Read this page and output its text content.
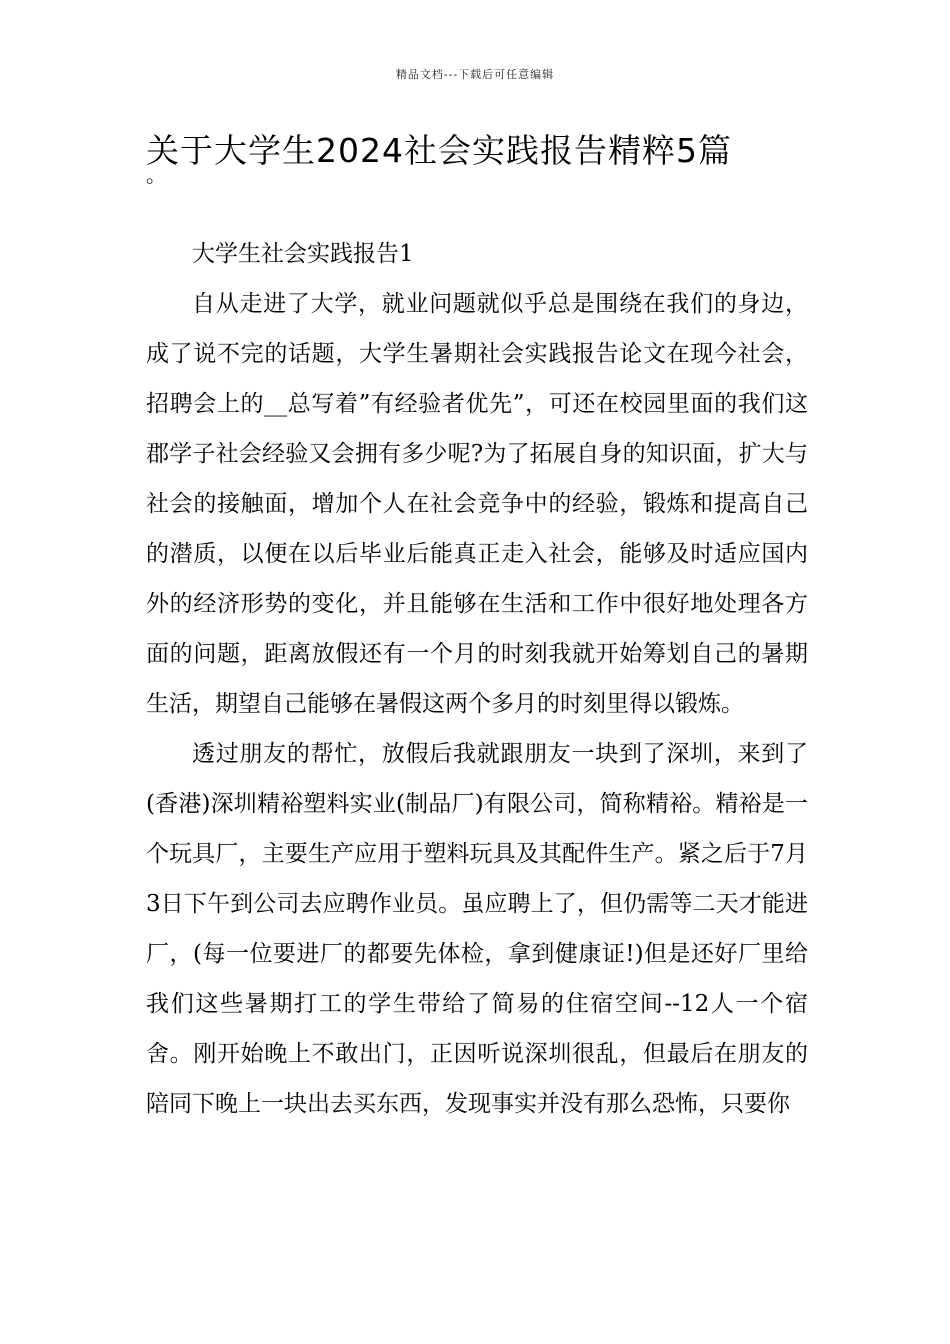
精品文档---下载后可任意编辑
关于大学生2024社会实践报告精粹5篇
。

大学生社会实践报告1

自从走进了大学，就业问题就似乎总是围绕在我们的身边，成了说不完的话题，大学生暑期社会实践报告论文在现今社会，招聘会上的__总写着”有经验者优先”，可还在校园里面的我们这郡学子社会经验又会拥有多少呢?为了拓展自身的知识面，扩大与社会的接触面，增加个人在社会竞争中的经验，锻炼和提高自己的潜质，以便在以后毕业后能真正走入社会，能够及时适应国内外的经济形势的变化，并且能够在生活和工作中很好地处理各方面的问题，距离放假还有一个月的时刻我就开始筹划自己的暑期生活，期望自己能够在暑假这两个多月的时刻里得以锻炼。

透过朋友的帮忙，放假后我就跟朋友一块到了深圳，来到了(香港)深圳精裕塑料实业(制品厂)有限公司，简称精裕。精裕是一个玩具厂，主要生产应用于塑料玩具及其配件生产。紧之后于7月3日下午到公司去应聘作业员。虽应聘上了，但仍需等二天才能进厂，(每一位要进厂的都要先体检，拿到健康证!)但是还好厂里给我们这些暑期打工的学生带给了简易的住宿空间--12人一个宿舍。刚开始晚上不敢出门，正因听说深圳很乱，但最后在朋友的陪同下晚上一块出去买东西，发现事实并没有那么恐怖，只要你
